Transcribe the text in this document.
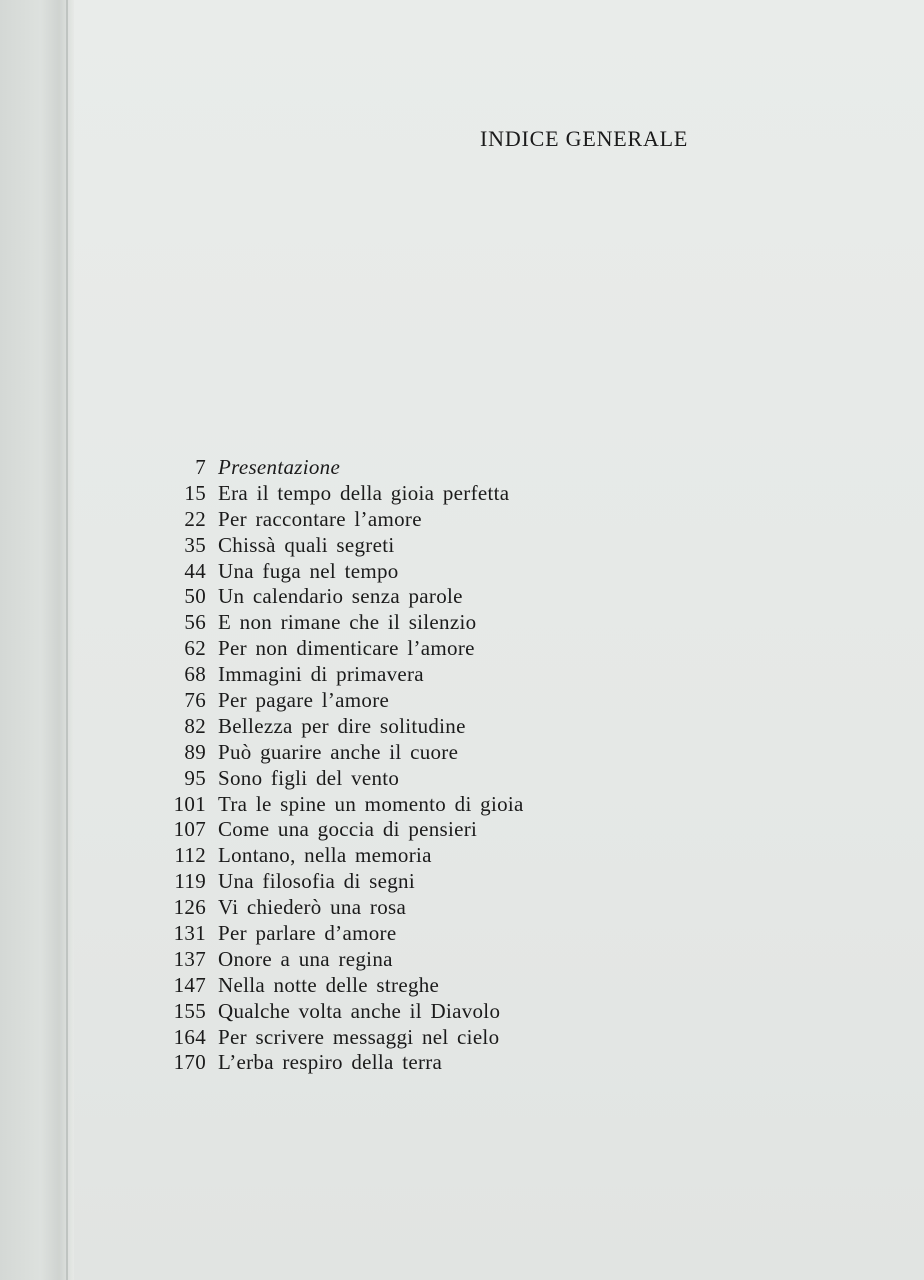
INDICE GENERALE
7 Presentazione
15 Era il tempo della gioia perfetta
22 Per raccontare l’amore
35 Chissà quali segreti
44 Una fuga nel tempo
50 Un calendario senza parole
56 E non rimane che il silenzio
62 Per non dimenticare l’amore
68 Immagini di primavera
76 Per pagare l’amore
82 Bellezza per dire solitudine
89 Può guarire anche il cuore
95 Sono figli del vento
101 Tra le spine un momento di gioia
107 Come una goccia di pensieri
112 Lontano, nella memoria
119 Una filosofia di segni
126 Vi chiederò una rosa
131 Per parlare d’amore
137 Onore a una regina
147 Nella notte delle streghe
155 Qualche volta anche il Diavolo
164 Per scrivere messaggi nel cielo
170 L’erba respiro della terra
